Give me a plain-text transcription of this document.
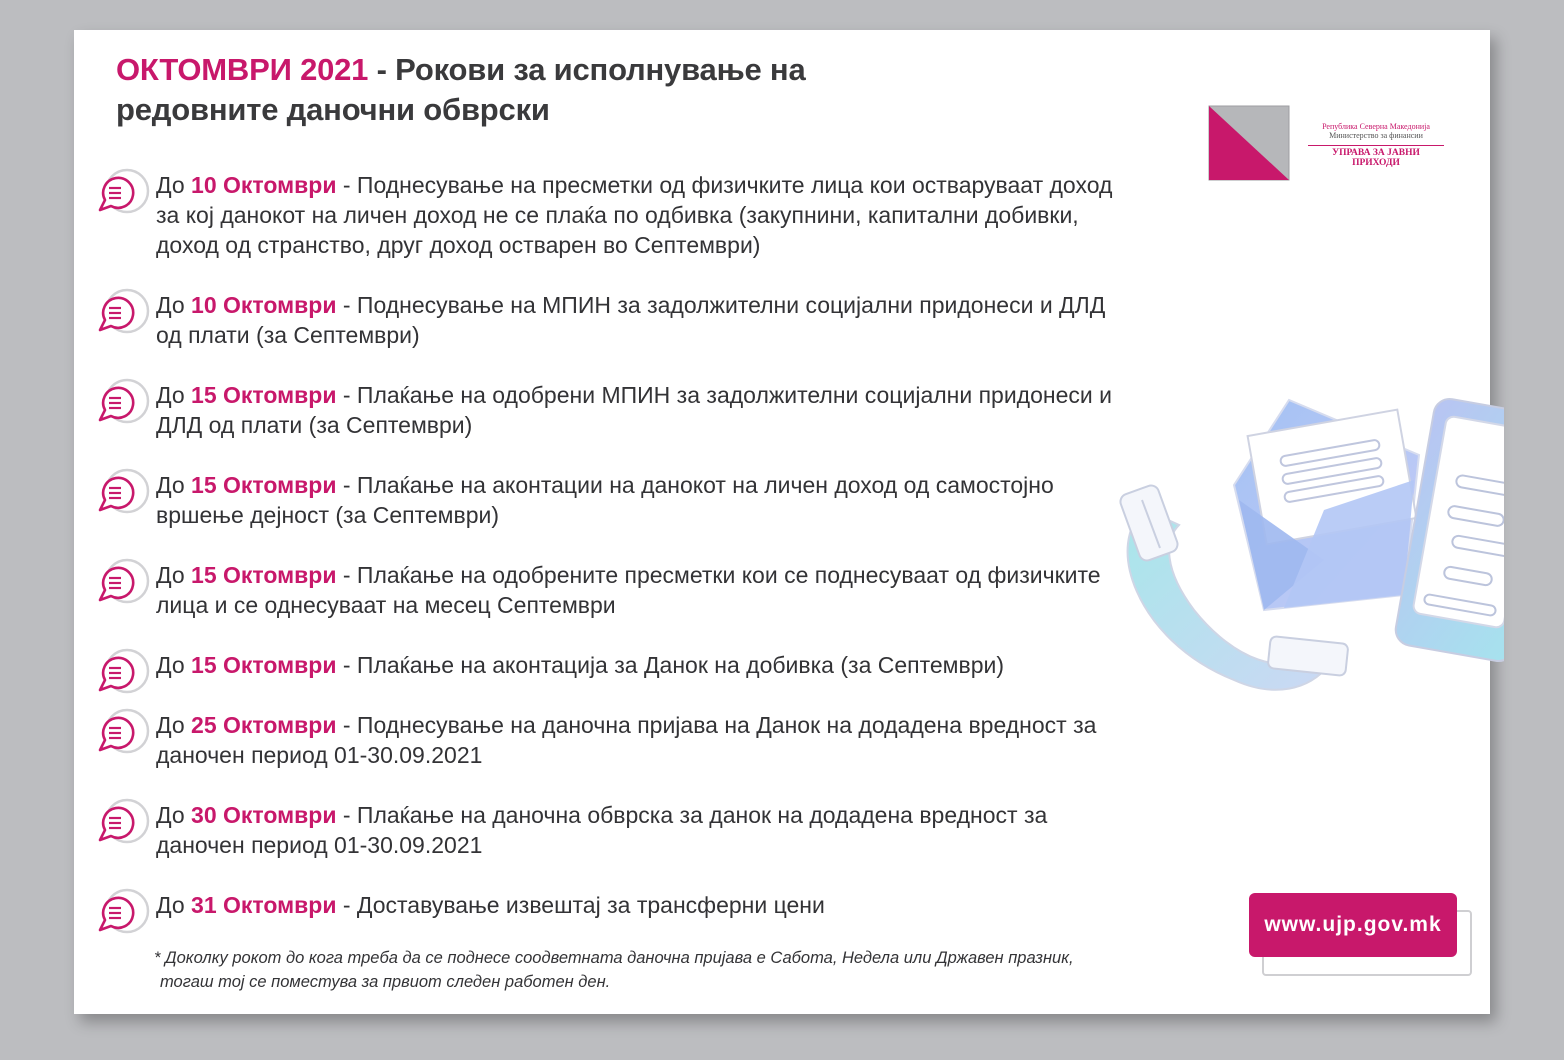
ОКТОМВРИ 2021 - Рокови за исполнување на
редовните даночни обврски	Република Северна Македонија
Министерство за финансии
УПРАВА ЗА ЈАВНИ ПРИХОДИ
До 10 Октомври - Поднесување на пресметки од физичките лица кои остваруваат доход за кој данокот на личен доход не се плаќа по одбивка (закупнини, капитални добивки, доход од странство, друг доход остварен во Септември)
До 10 Октомври - Поднесување на МПИН за задолжителни социјални придонеси и ДЛД од плати (за Септември)
До 15 Октомври - Плаќање на одобрени МПИН за задолжителни социјални придонеси и ДЛД од плати (за Септември)
До 15 Октомври - Плаќање на аконтации на данокот на личен доход од самостојно вршење дејност (за Септември)
До 15 Октомври - Плаќање на одобрените пресметки кои се поднесуваат од физичките лица и се однесуваат на месец Септември
До 15 Октомври - Плаќање на аконтација за Данок на добивка (за Септември)
До 25 Октомври - Поднесување на даночна пријава на Данок на додадена вредност за даночен период 01-30.09.2021
До 30 Октомври - Плаќање на даночна обврска за данок на додадена вредност за даночен период 01-30.09.2021
До 31 Октомври - Доставување извештај за трансферни цени
* Доколку рокот до кога треба да се поднесе соодветната даночна пријава е Сабота, Недела или Државен празник,
тогаш тој се поместува за првиот следен работен ден.
www.ujp.gov.mk
